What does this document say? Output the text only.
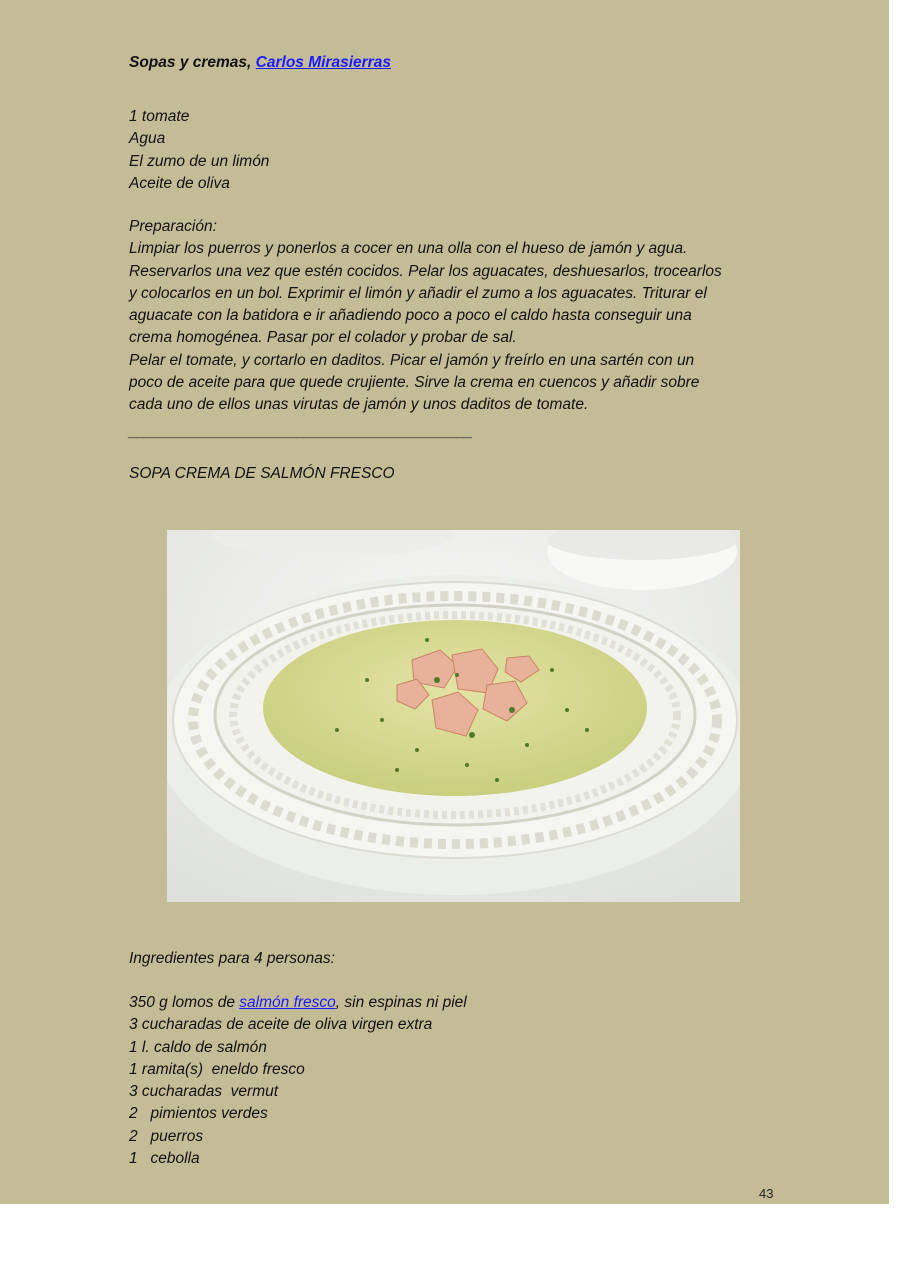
Sopas y cremas, Carlos Mirasierras
1 tomate
Agua
El zumo de un limón
Aceite de oliva
Preparación:
Limpiar los puerros y ponerlos a cocer en una olla con el hueso de jamón y agua.
Reservarlos una vez que estén cocidos. Pelar los aguacates, deshuesarlos, trocearlos
y colocarlos en un bol. Exprimir el limón y añadir el zumo a los aguacates. Triturar el
aguacate con la batidora e ir añadiendo poco a poco el caldo hasta conseguir una
crema homogénea. Pasar por el colador y probar de sal.
Pelar el tomate, y cortarlo en daditos. Picar el jamón y freírlo en una sartén con un
poco de aceite para que quede crujiente. Sirve la crema en cuencos y añadir sobre
cada uno de ellos unas virutas de jamón y unos daditos de tomate.
_____________________________________________
SOPA CREMA DE SALMÓN FRESCO
Ingredientes para 4 personas:
350 g lomos de salmón fresco, sin espinas ni piel
3 cucharadas de aceite de oliva virgen extra
1 l. caldo de salmón
1 ramita(s)  eneldo fresco
3 cucharadas  vermut
2   pimientos verdes
2   puerros
1   cebolla
43
